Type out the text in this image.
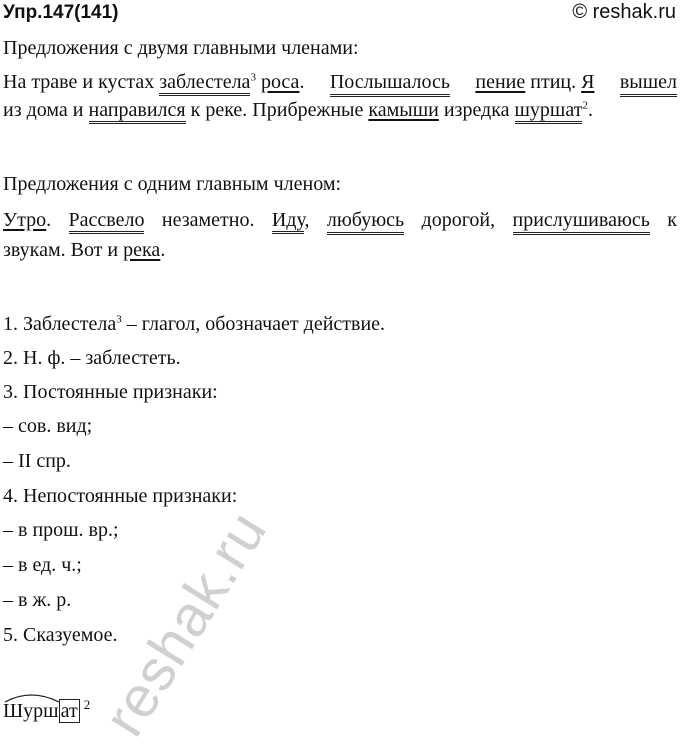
Упр.147(141)	© reshak.ru
Предложения с двумя главными членами:
На траве и кустах заблестела$^3$ роса. Послышалось пение птиц. Я вышел
из дома и направился к реке. Прибрежные камыши изредка шуршат$^2$.
Предложения с одним главным членом:
Утро. Рассвело незаметно. Иду, любуюсь дорогой, прислушиваюсь к
звукам. Вот и река.
1. Заблестела$^3$ – глагол, обозначает действие.
2. Н. ф. – заблестеть.
3. Постоянные признаки:
– сов. вид;
– II спр.
4. Непостоянные признаки:
– в прош. вр.;
– в ед. ч.;
– в ж. р.
5. Сказуемое.
reshak.ru
Шурш ат $^2$
